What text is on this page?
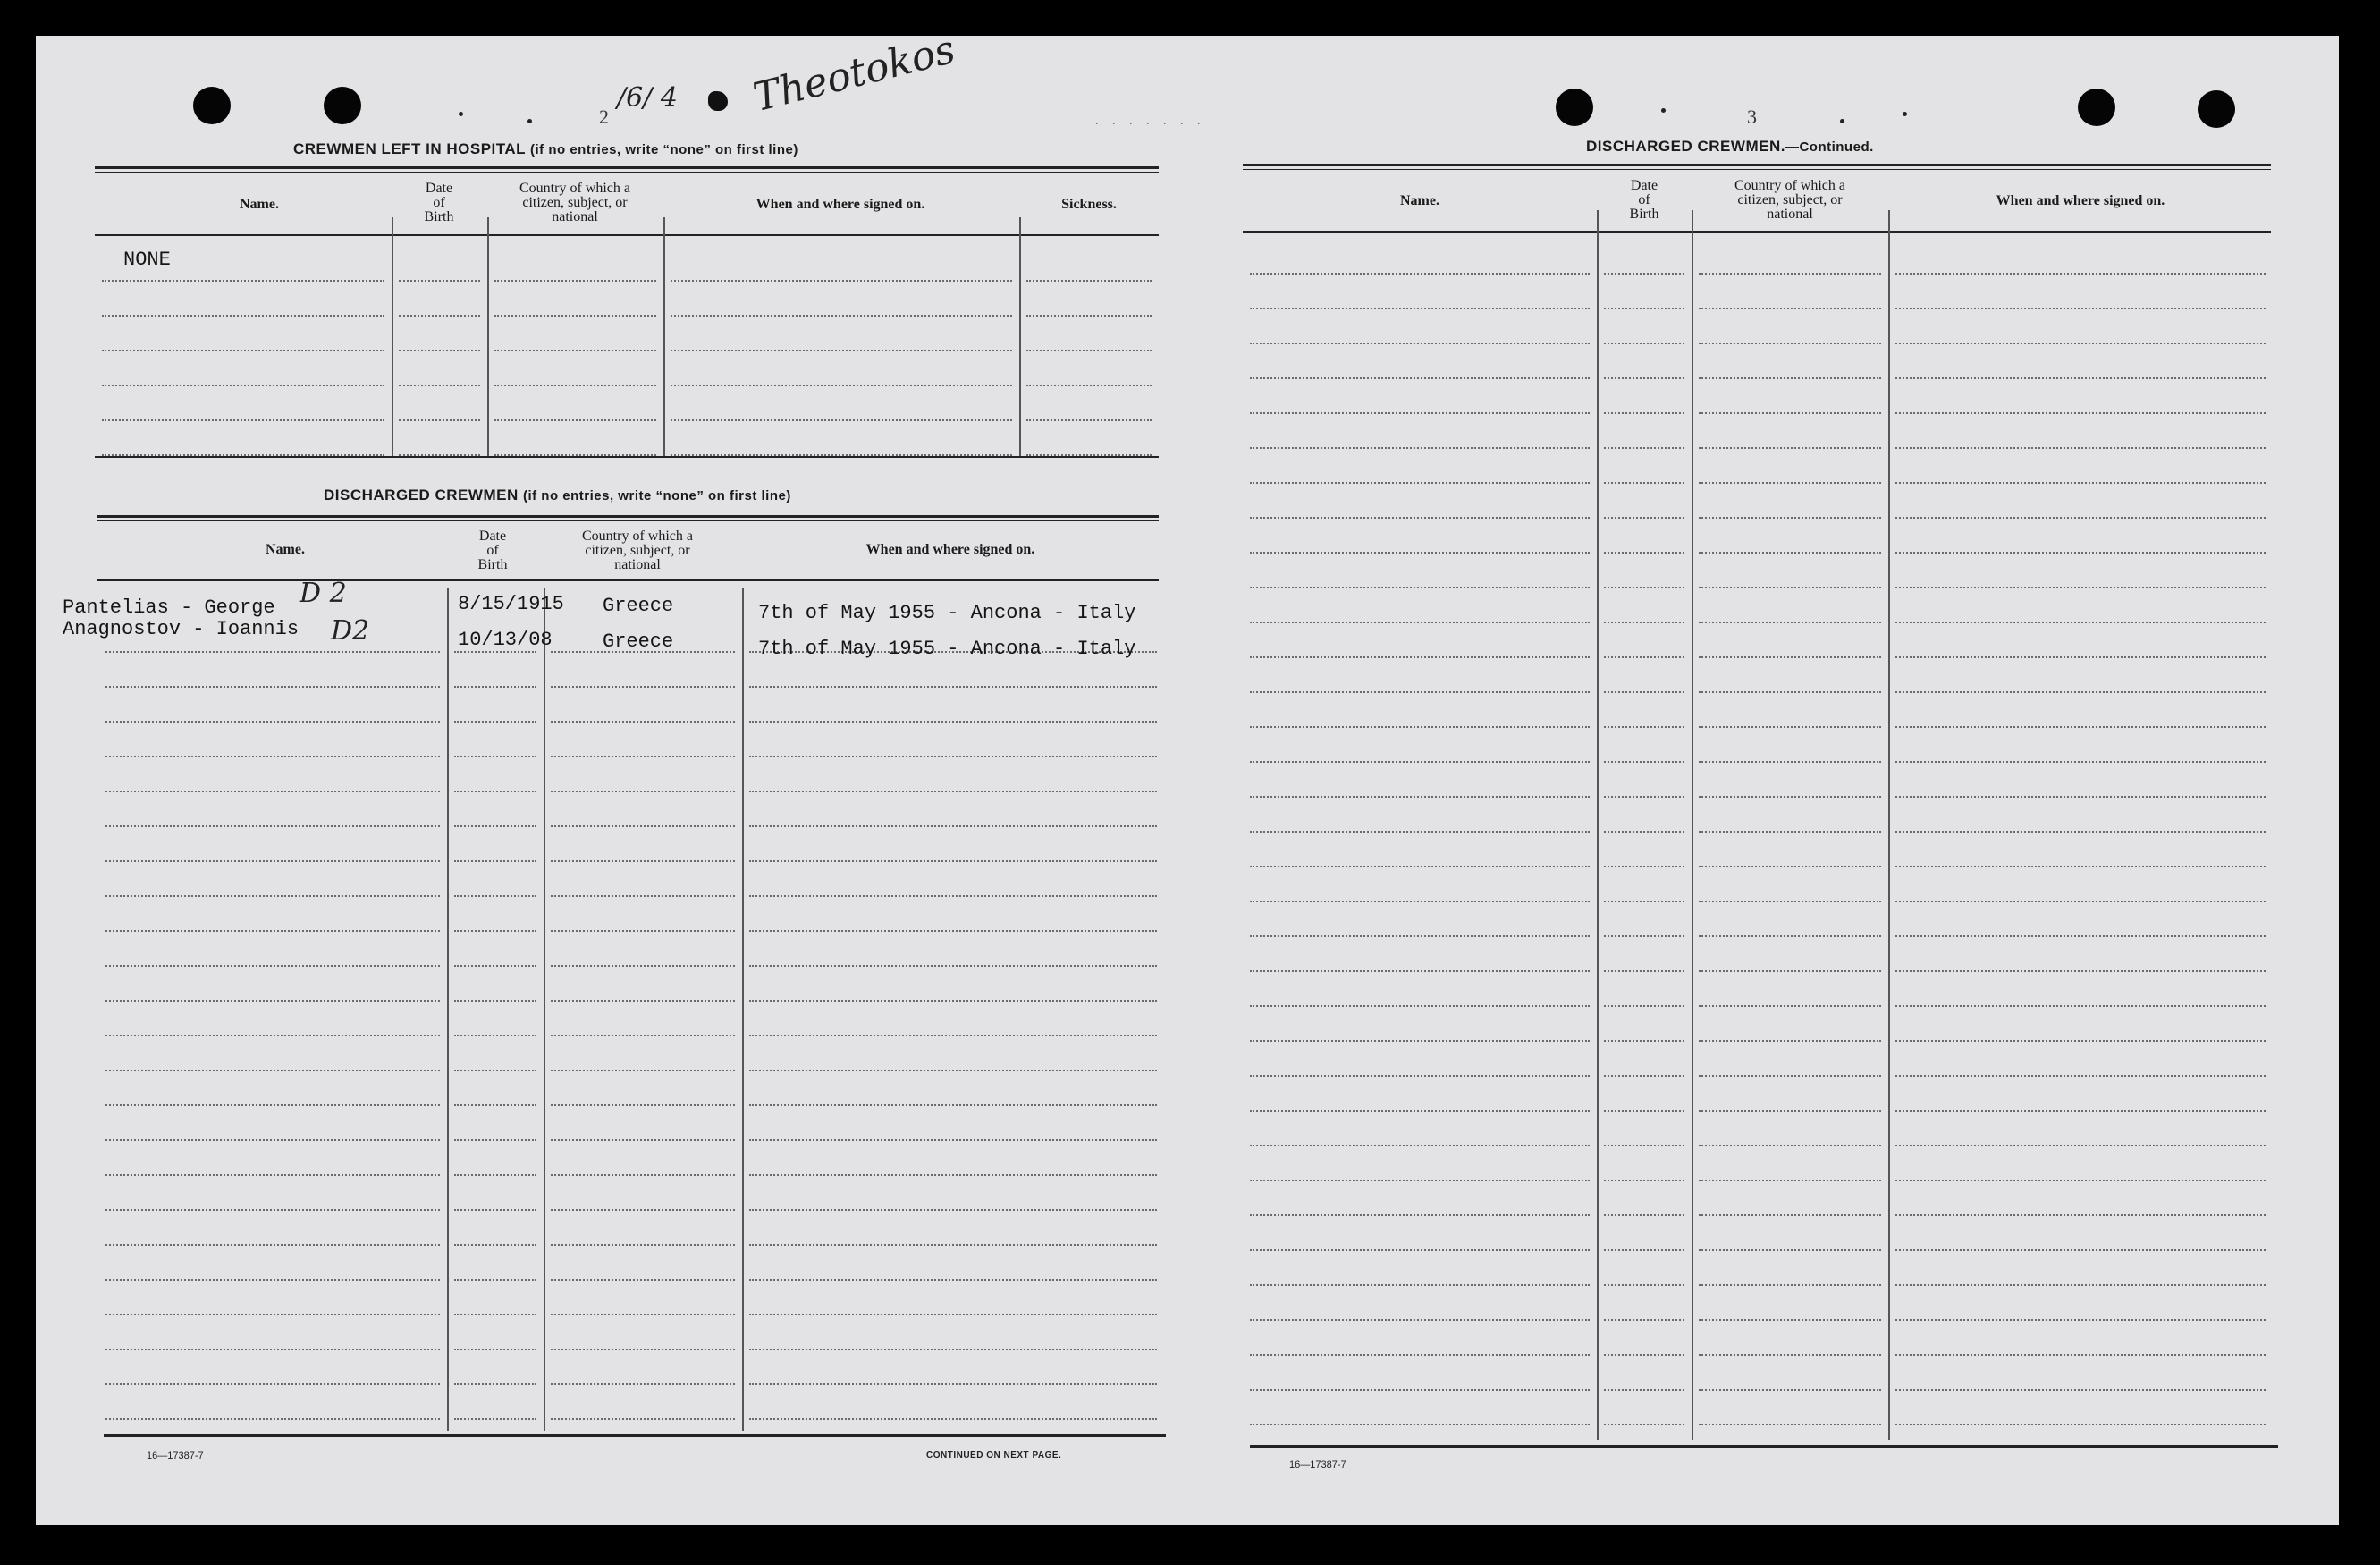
. . . . . . .
2
/6/ 4 Theotokos	3
CREWMEN LEFT IN HOSPITAL (if no entries, write “none” on first line)
Name.
Date
of
Birth
Country of which a
citizen, subject, or
national
When and where signed on.	Sickness.
NONE
DISCHARGED CREWMEN (if no entries, write “none” on first line)
Name.
Date
of
Birth
Country of which a
citizen, subject, or
national
When and where signed on.
Pantelias - George D 2	8/15/1915 Greece	7th of May 1955 - Ancona - Italy
Anagnostov - Ioannis D2	10/13/08	Greece	7th of May 1955 - Ancona - Italy
16—17387-7	CONTINUED ON NEXT PAGE.
DISCHARGED CREWMEN.—Continued.
Name.
Date
of
Birth
Country of which a
citizen, subject, or
national
When and where signed on.
16—17387-7
